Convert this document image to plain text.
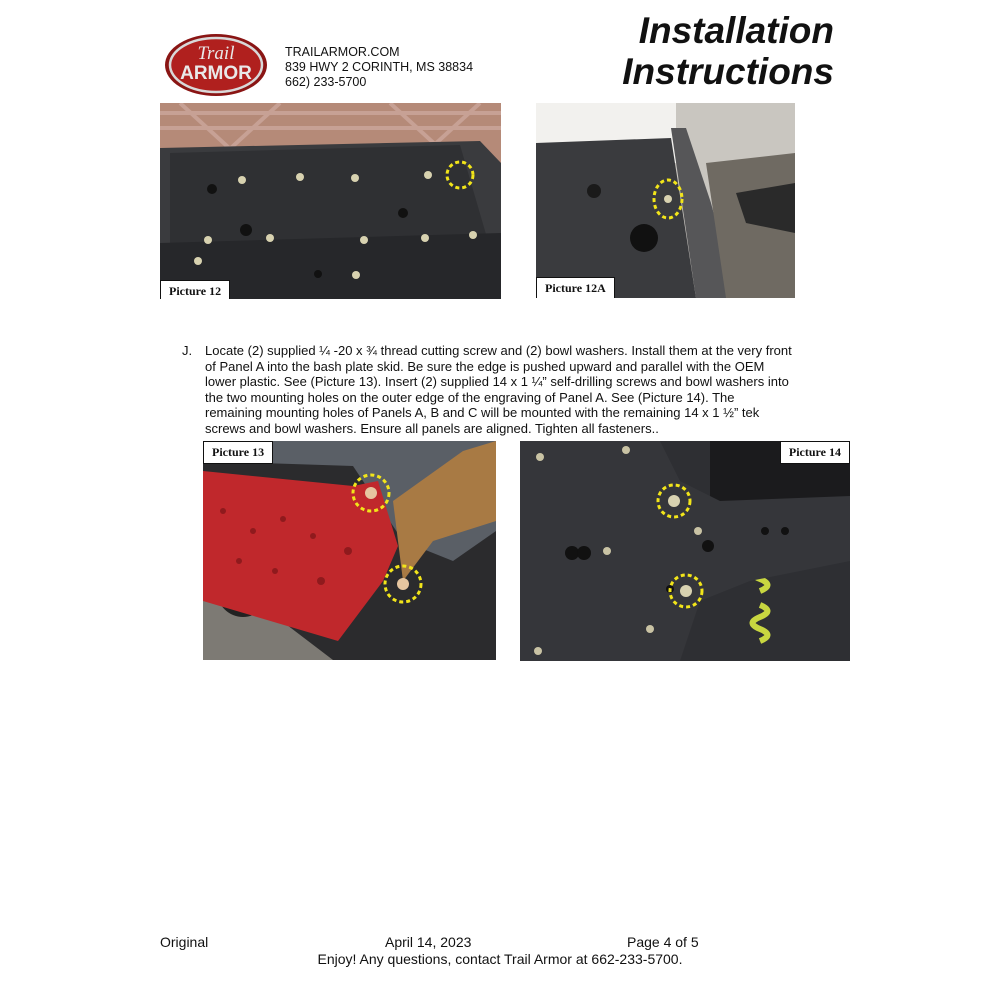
Trail
ARMOR
TRAILARMOR.COM
839 HWY 2 CORINTH, MS 38834
662) 233-5700
Installation
Instructions
Picture 12	Picture 12A
J. Locate (2) supplied ¼ -20 x ¾ thread cutting screw and (2) bowl washers. Install them at the very front
of Panel A into the bash plate skid. Be sure the edge is pushed upward and parallel with the OEM
lower plastic. See (Picture 13). Insert (2) supplied 14 x 1 ¼” self-drilling screws and bowl washers into
the two mounting holes on the outer edge of the engraving of Panel A. See (Picture 14). The
remaining mounting holes of Panels A, B and C will be mounted with the remaining 14 x 1 ½” tek
screws and bowl washers. Ensure all panels are aligned. Tighten all fasteners..
Picture 13	Picture 14
Original	April 14, 2023	Page 4 of 5
Enjoy! Any questions, contact Trail Armor at 662-233-5700.
